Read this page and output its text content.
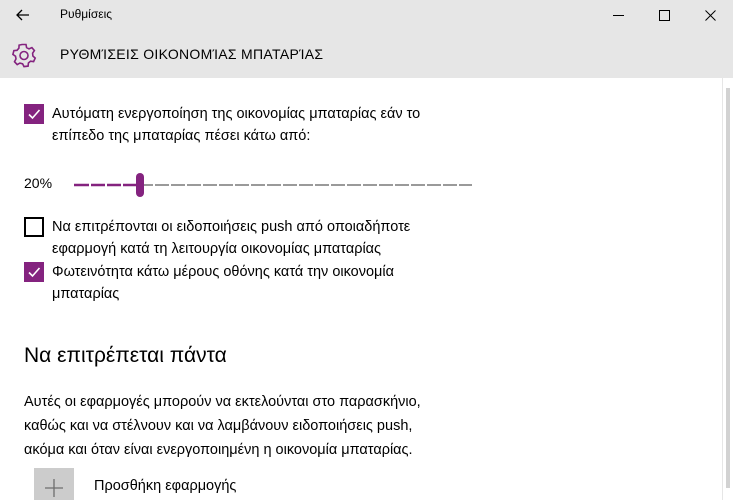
Ρυθμίσεις
ΡΥΘΜΊΣΕΙΣ ΟΙΚΟΝΟΜΊΑΣ ΜΠΑΤΑΡΊΑΣ
Αυτόματη ενεργοποίηση της οικονομίας μπαταρίας εάν το
επίπεδο της μπαταρίας πέσει κάτω από:
20%
Να επιτρέπονται οι ειδοποιήσεις push από οποιαδήποτε
εφαρμογή κατά τη λειτουργία οικονομίας μπαταρίας
Φωτεινότητα κάτω μέρους οθόνης κατά την οικονομία
μπαταρίας
Να επιτρέπεται πάντα
Αυτές οι εφαρμογές μπορούν να εκτελούνται στο παρασκήνιο,
καθώς και να στέλνουν και να λαμβάνουν ειδοποιήσεις push,
ακόμα και όταν είναι ενεργοποιημένη η οικονομία μπαταρίας.
Προσθήκη εφαρμογής
